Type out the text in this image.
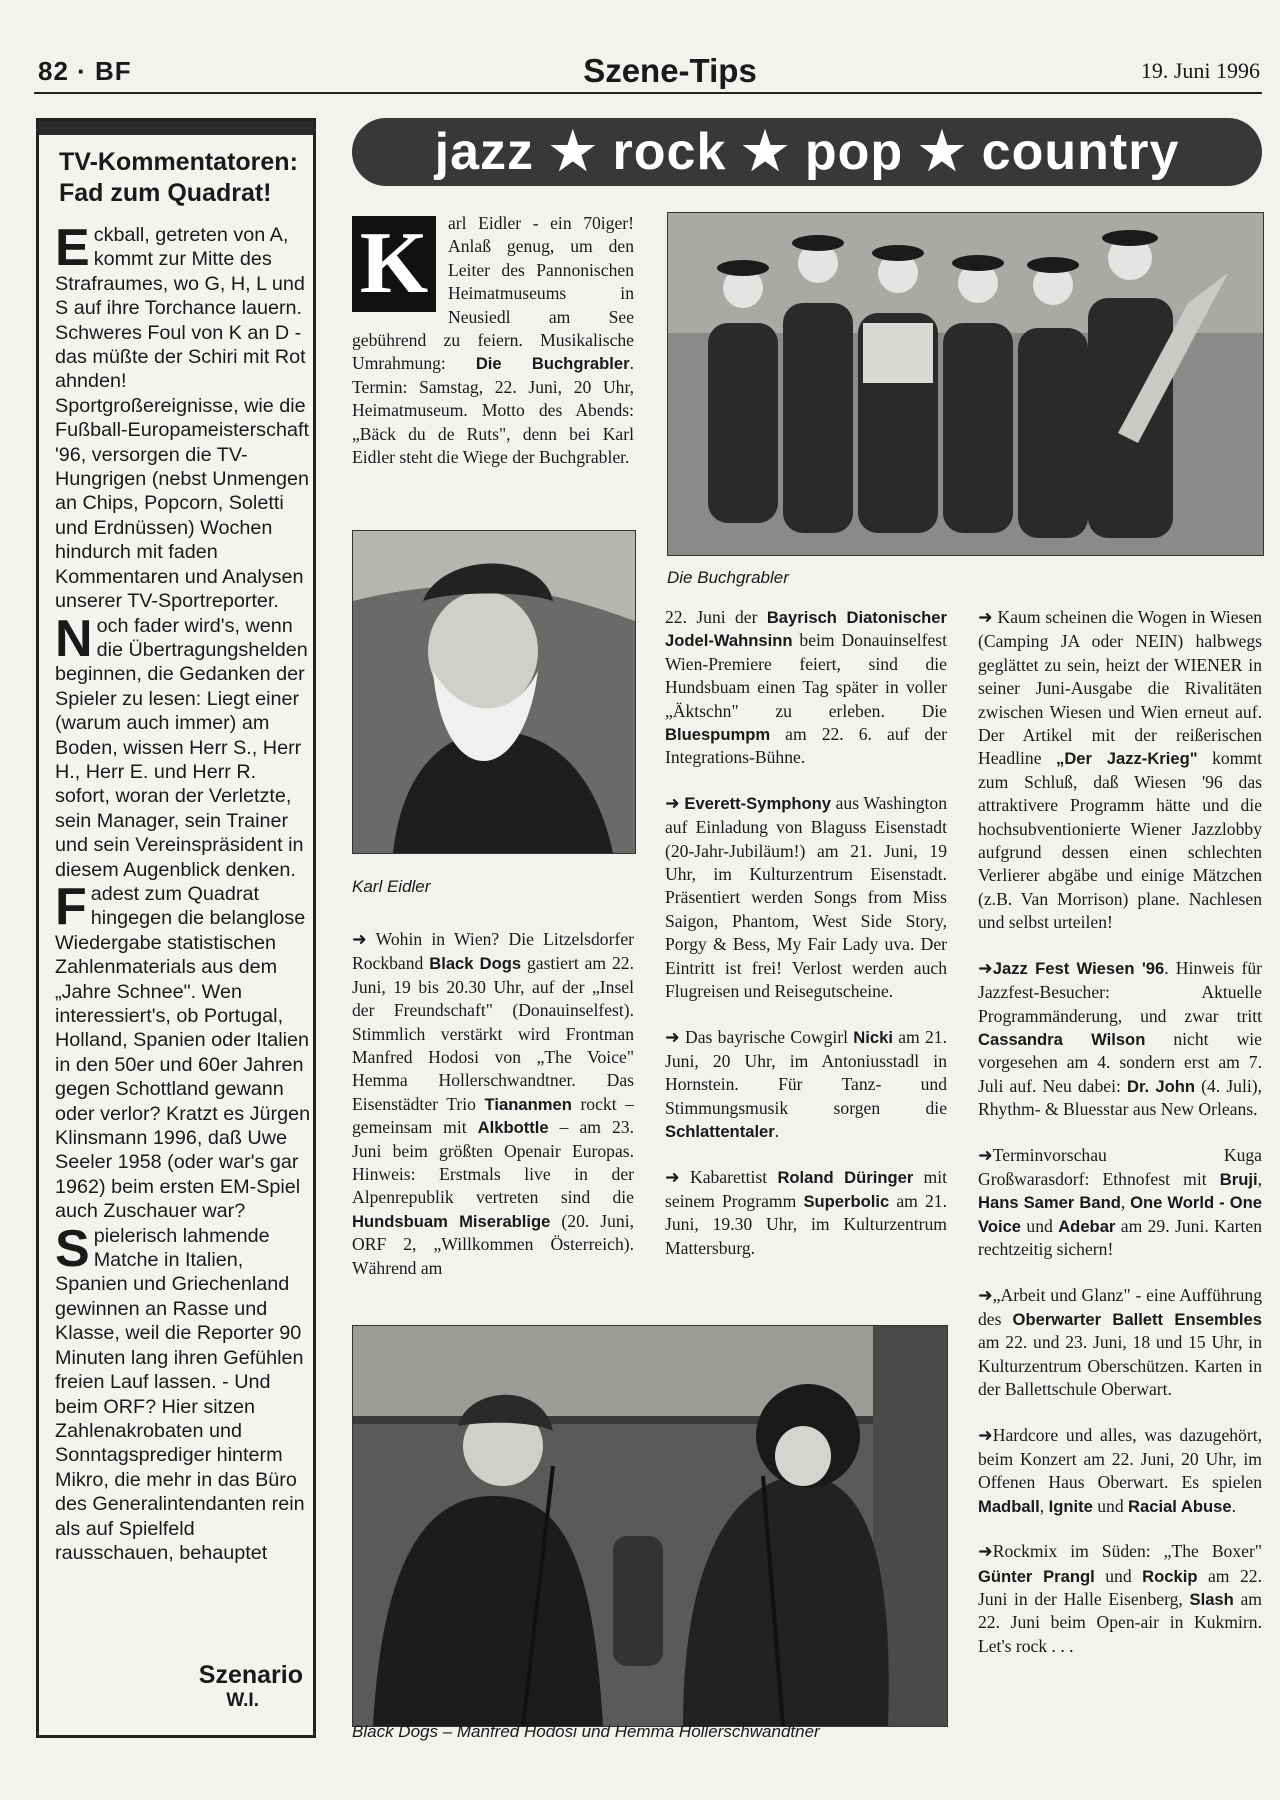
82 · BF	Szene-Tips	19. Juni 1996
TV-Kommentatoren:
Fad zum Quadrat!

Eckball, getreten von A, kommt zur Mitte des Strafraumes, wo G, H, L und S auf ihre Torchance lauern. Schweres Foul von K an D - das müßte der Schiri mit Rot ahnden! Sportgroßereignisse, wie die Fußball-Europameisterschaft '96, versorgen die TV-Hungrigen (nebst Unmengen an Chips, Popcorn, Soletti und Erdnüssen) Wochen hindurch mit faden Kommentaren und Analysen unserer TV-Sportreporter.

Noch fader wird's, wenn die Übertragungshelden beginnen, die Gedanken der Spieler zu lesen: Liegt einer (warum auch immer) am Boden, wissen Herr S., Herr H., Herr E. und Herr R. sofort, woran der Verletzte, sein Manager, sein Trainer und sein Vereinspräsident in diesem Augenblick denken.

Fadest zum Quadrat hingegen die belanglose Wiedergabe statistischen Zahlenmaterials aus dem „Jahre Schnee". Wen interessiert's, ob Portugal, Holland, Spanien oder Italien in den 50er und 60er Jahren gegen Schottland gewann oder verlor? Kratzt es Jürgen Klinsmann 1996, daß Uwe Seeler 1958 (oder war's gar 1962) beim ersten EM-Spiel auch Zuschauer war?

Spielerisch lahmende Matche in Italien, Spanien und Griechenland gewinnen an Rasse und Klasse, weil die Reporter 90 Minuten lang ihren Gefühlen freien Lauf lassen. - Und beim ORF? Hier sitzen Zahlenakrobaten und Sonntagsprediger hinterm Mikro, die mehr in das Büro des Generalintendanten rein als auf Spielfeld rausschauen, behauptet

Szenario
W.I.
jazz ★ rock ★ pop ★ country
K	arl Eidler - ein 70iger! Anlaß genug, um den Leiter des Pannonischen Heimatmuseums in Neusiedl am See gebührend zu feiern. Musikalische Umrahmung: Die Buchgrabler. Termin: Samstag, 22. Juni, 20 Uhr, Heimatmuseum. Motto des Abends: „Bäck du de Ruts", denn bei Karl Eidler steht die Wiege der Buchgrabler.
Die Buchgrabler
Karl Eidler

➜ Wohin in Wien? Die Litzelsdorfer Rockband Black Dogs gastiert am 22. Juni, 19 bis 20.30 Uhr, auf der „Insel der Freundschaft" (Donauinselfest). Stimmlich verstärkt wird Frontman Manfred Hodosi von „The Voice" Hemma Hollerschwandtner. Das Eisenstädter Trio Tiananmen rockt – gemeinsam mit Alkbottle – am 23. Juni beim größten Openair Europas. Hinweis: Erstmals live in der Alpenrepublik vertreten sind die Hundsbuam Miserablige (20. Juni, ORF 2, „Willkommen Österreich). Während am

22. Juni der Bayrisch Diatonischer Jodel-Wahnsinn beim Donauinselfest Wien-Premiere feiert, sind die Hundsbuam einen Tag später in voller „Äktschn" zu erleben. Die Bluespumpm am 22. 6. auf der Integrations-Bühne.

➜ Everett-Symphony aus Washington auf Einladung von Blaguss Eisenstadt (20-Jahr-Jubiläum!) am 21. Juni, 19 Uhr, im Kulturzentrum Eisenstadt. Präsentiert werden Songs from Miss Saigon, Phantom, West Side Story, Porgy & Bess, My Fair Lady uva. Der Eintritt ist frei! Verlost werden auch Flugreisen und Reisegutscheine.

➜ Das bayrische Cowgirl Nicki am 21. Juni, 20 Uhr, im Antoniusstadl in Hornstein. Für Tanz- und Stimmungsmusik sorgen die Schlattentaler.

➜ Kabarettist Roland Düringer mit seinem Programm Superbolic am 21. Juni, 19.30 Uhr, im Kulturzentrum Mattersburg.

➜ Kaum scheinen die Wogen in Wiesen (Camping JA oder NEIN) halbwegs geglättet zu sein, heizt der WIENER in seiner Juni-Ausgabe die Rivalitäten zwischen Wiesen und Wien erneut auf. Der Artikel mit der reißerischen Headline „Der Jazz-Krieg" kommt zum Schluß, daß Wiesen '96 das attraktivere Programm hätte und die hochsubventionierte Wiener Jazzlobby aufgrund dessen einen schlechten Verlierer abgäbe und einige Mätzchen (z.B. Van Morrison) plane. Nachlesen und selbst urteilen!

➜Jazz Fest Wiesen '96. Hinweis für Jazzfest-Besucher: Aktuelle Programmänderung, und zwar tritt Cassandra Wilson nicht wie vorgesehen am 4. sondern erst am 7. Juli auf. Neu dabei: Dr. John (4. Juli), Rhythm- & Bluesstar aus New Orleans.

➜Terminvorschau Kuga Großwarasdorf: Ethnofest mit Bruji, Hans Samer Band, One World - One Voice und Adebar am 29. Juni. Karten rechtzeitig sichern!

➜„Arbeit und Glanz" - eine Aufführung des Oberwarter Ballett Ensembles am 22. und 23. Juni, 18 und 15 Uhr, in Kulturzentrum Oberschützen. Karten in der Ballettschule Oberwart.

➜Hardcore und alles, was dazugehört, beim Konzert am 22. Juni, 20 Uhr, im Offenen Haus Oberwart. Es spielen Madball, Ignite und Racial Abuse.

➜Rockmix im Süden: „The Boxer" Günter Prangl und Rockip am 22. Juni in der Halle Eisenberg, Slash am 22. Juni beim Open-air in Kukmirn. Let's rock . . .

Black Dogs – Manfred Hodosi und Hemma Hollerschwandtner
